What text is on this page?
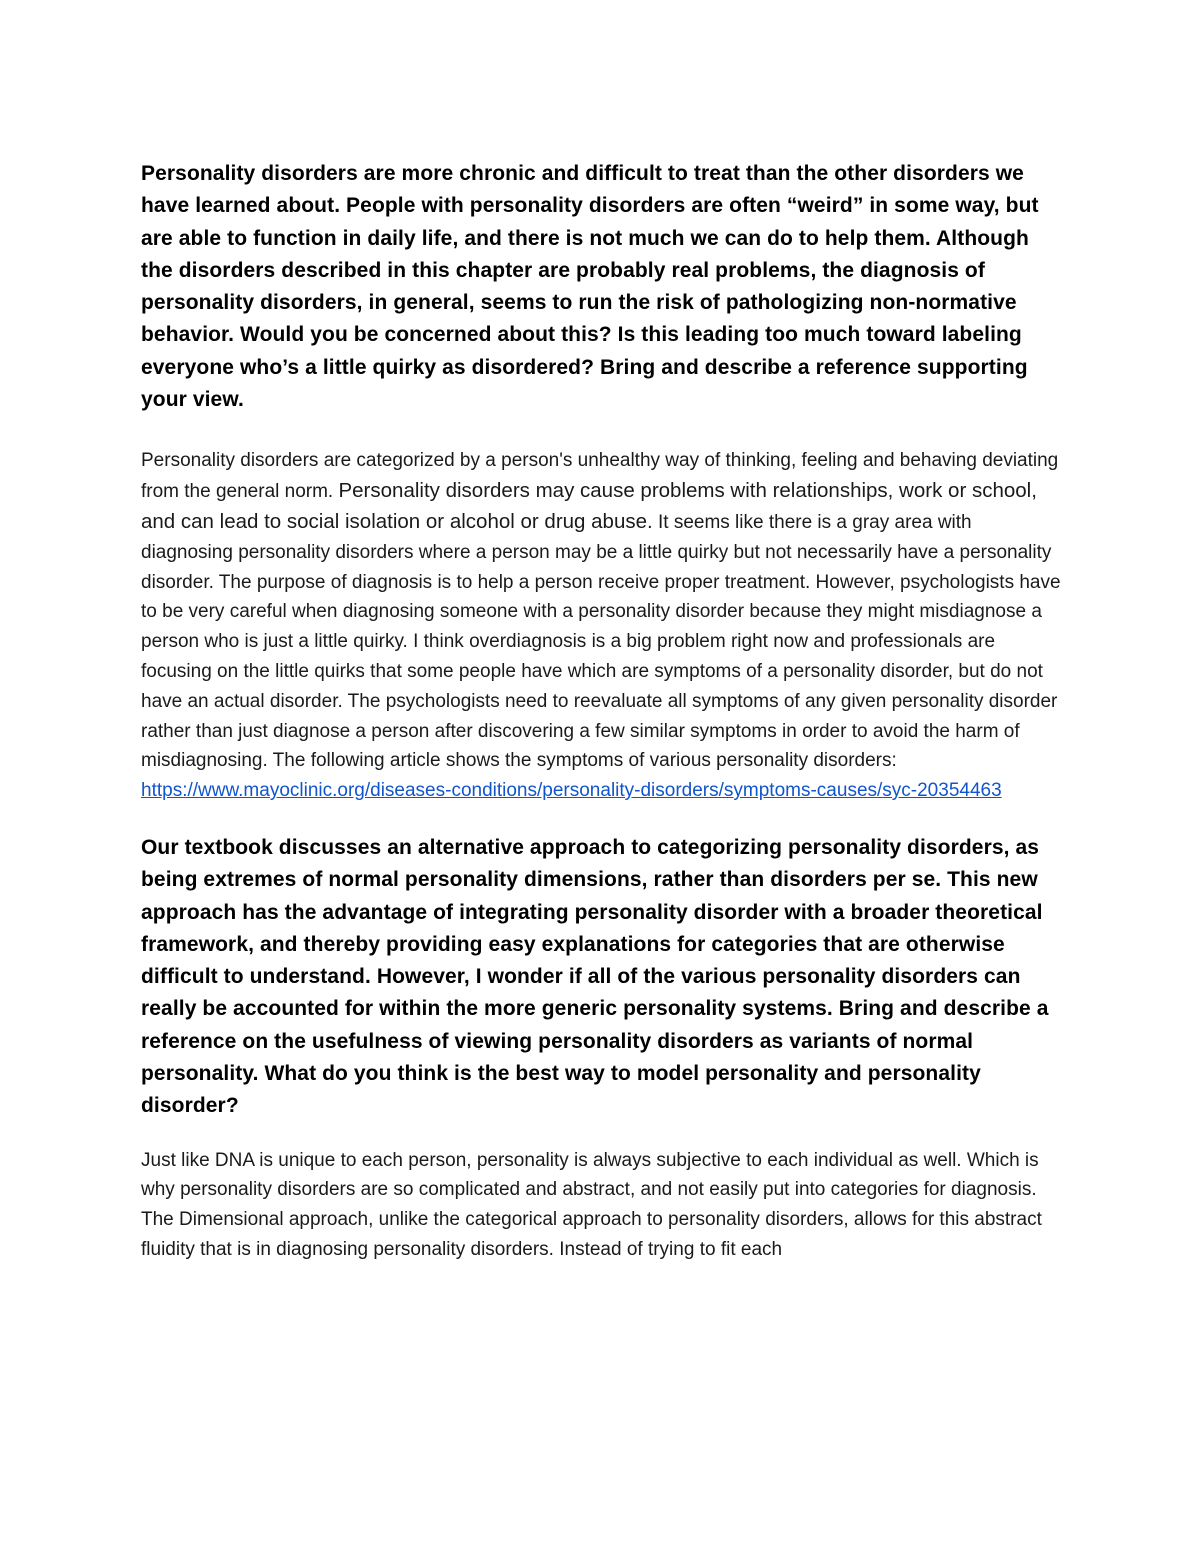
Personality disorders are more chronic and difficult to treat than the other disorders we have learned about. People with personality disorders are often “weird” in some way, but are able to function in daily life, and there is not much we can do to help them. Although the disorders described in this chapter are probably real problems, the diagnosis of personality disorders, in general, seems to run the risk of pathologizing non-normative behavior. Would you be concerned about this? Is this leading too much toward labeling everyone who’s a little quirky as disordered? Bring and describe a reference supporting your view.

Personality disorders are categorized by a person's unhealthy way of thinking, feeling and behaving deviating from the general norm. Personality disorders may cause problems with relationships, work or school, and can lead to social isolation or alcohol or drug abuse. It seems like there is a gray area with diagnosing personality disorders where a person may be a little quirky but not necessarily have a personality disorder. The purpose of diagnosis is to help a person receive proper treatment. However, psychologists have to be very careful when diagnosing someone with a personality disorder because they might misdiagnose a person who is just a little quirky. I think overdiagnosis is a big problem right now and professionals are focusing on the little quirks that some people have which are symptoms of a personality disorder, but do not have an actual disorder. The psychologists need to reevaluate all symptoms of any given personality disorder rather than just diagnose a person after discovering a few similar symptoms in order to avoid the harm of misdiagnosing. The following article shows the symptoms of various personality disorders:
https://www.mayoclinic.org/diseases-conditions/personality-disorders/symptoms-causes/syc-20354463

Our textbook discusses an alternative approach to categorizing personality disorders, as being extremes of normal personality dimensions, rather than disorders per se. This new approach has the advantage of integrating personality disorder with a broader theoretical framework, and thereby providing easy explanations for categories that are otherwise difficult to understand. However, I wonder if all of the various personality disorders can really be accounted for within the more generic personality systems. Bring and describe a reference on the usefulness of viewing personality disorders as variants of normal personality. What do you think is the best way to model personality and personality disorder?

Just like DNA is unique to each person, personality is always subjective to each individual as well. Which is why personality disorders are so complicated and abstract, and not easily put into categories for diagnosis.

The Dimensional approach, unlike the categorical approach to personality disorders, allows for this abstract fluidity that is in diagnosing personality disorders. Instead of trying to fit each
